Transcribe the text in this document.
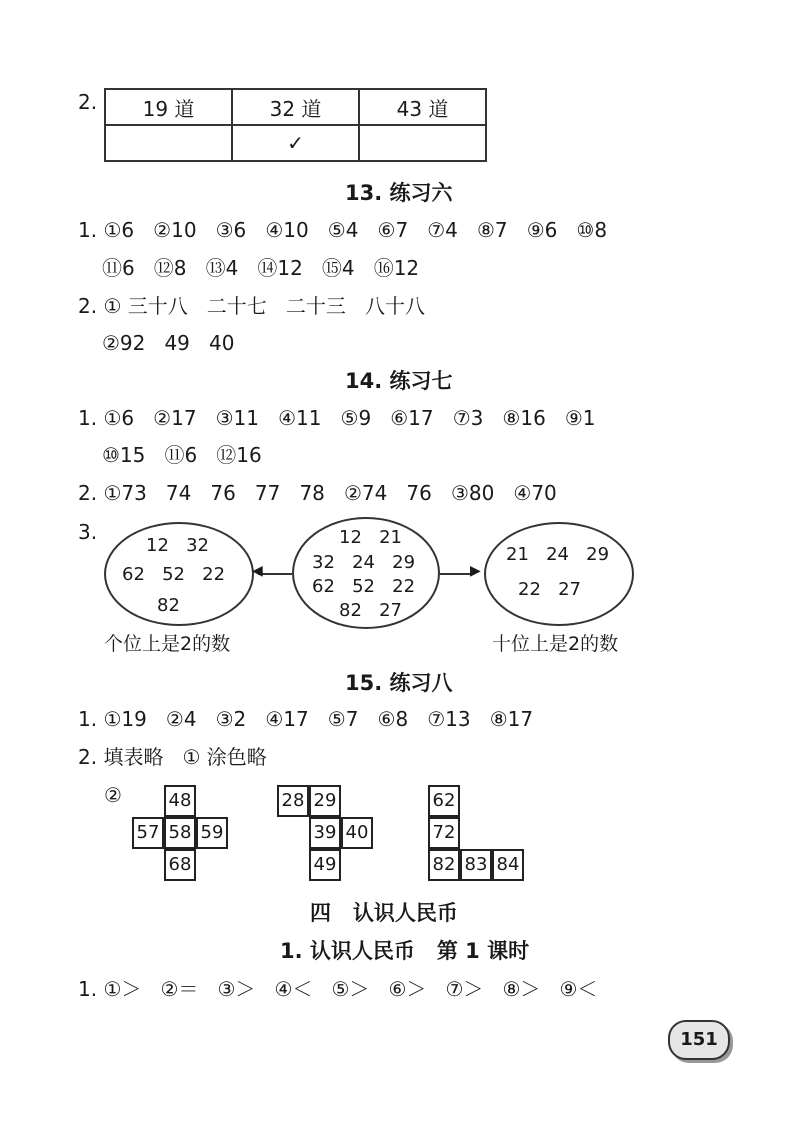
2. 19 道	32 道	43 道
	✓	
13. 练习六
1. ①6   ②10   ③6   ④10   ⑤4   ⑥7   ⑦4   ⑧7   ⑨6   ⑩8
⑪6   ⑫8   ⑬4   ⑭12   ⑮4   ⑯12
2. ① 三十八   二十七   二十三   八十八
②92   49   40
14. 练习七
1. ①6   ②17   ③11   ④11   ⑤9   ⑥17   ⑦3   ⑧16   ⑨1
⑩15   ⑪6   ⑫16
2. ①73   74   76   77   78   ②74   76   ③80   ④70
3.
12   32
62   52   22
82
12   21
32   24   29
62   52   22
82   27
21   24   29
22   27
◀	▶
个位上是2的数	十位上是2的数
15. 练习八
1. ①19   ②4   ③2   ④17   ⑤7   ⑥8   ⑦13   ⑧17
2. 填表略   ① 涂色略
②	48
57 58 59
68
28 29
39 40
49
62
72
82 83 84
四   认识人民币
1. 认识人民币   第 1 课时
1. ①＞   ②＝   ③＞   ④＜   ⑤＞   ⑥＞   ⑦＞   ⑧＞   ⑨＜
151
